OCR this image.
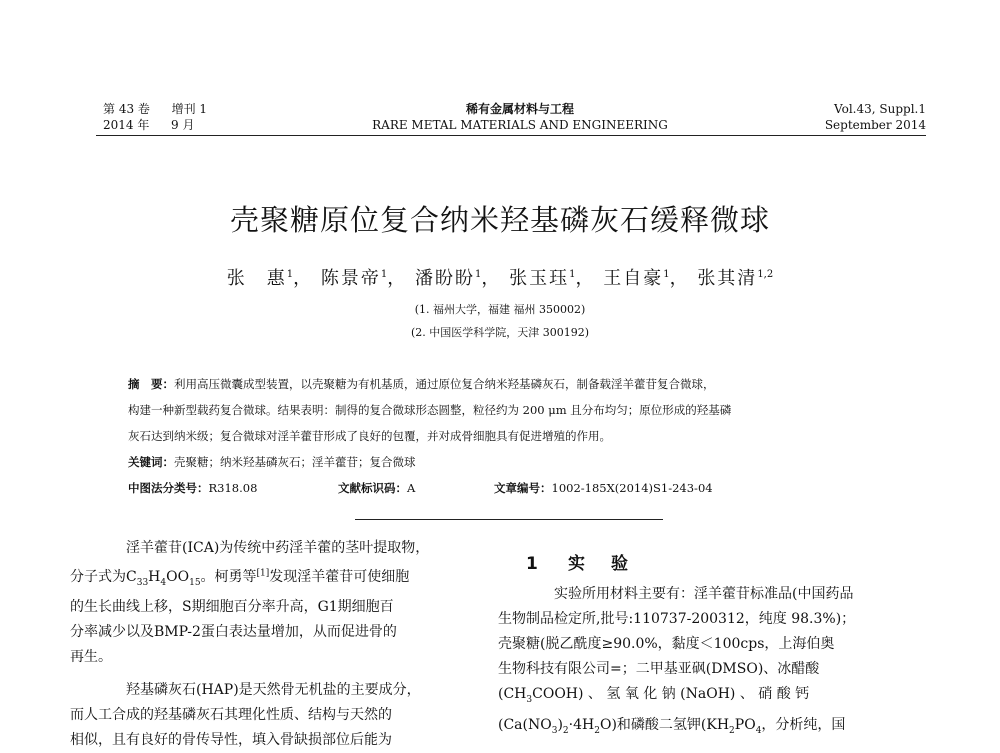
第 43 卷 增刊 1
2014 年 9 月
稀有金属材料与工程
RARE METAL MATERIALS AND ENGINEERING
Vol.43, Suppl.1
September 2014
壳聚糖原位复合纳米羟基磷灰石缓释微球
张　惠$^1$， 陈景帝$^1$， 潘盼盼$^1$， 张玉珏$^1$， 王自豪$^1$， 张其清$^{1,2}$
(1. 福州大学，福建 福州 350002)
(2. 中国医学科学院，天津 300192)
摘　要：利用高压微囊成型装置，以壳聚糖为有机基质，通过原位复合纳米羟基磷灰石，制备载淫羊藿苷复合微球，
构建一种新型载药复合微球。结果表明：制得的复合微球形态圆整，粒径约为 200 μm 且分布均匀；原位形成的羟基磷
灰石达到纳米级；复合微球对淫羊藿苷形成了良好的包覆，并对成骨细胞具有促进增殖的作用。
关键词：壳聚糖；纳米羟基磷灰石；淫羊藿苷；复合微球
中图法分类号：R318.08	文献标识码：A	文章编号：1002-185X(2014)S1-243-04

淫羊藿苷(ICA)为传统中药淫羊藿的茎叶提取物，
分子式为$C_{33}H_4OO_{15}$。柯勇等[1]发现淫羊藿苷可使细胞
的生长曲线上移，S期细胞百分率升高，G1期细胞百
分率减少以及BMP-2蛋白表达量增加，从而促进骨的
再生。

羟基磷灰石(HAP)是天然骨无机盐的主要成分，
而人工合成的羟基磷灰石其理化性质、结构与天然的
相似，且有良好的骨传导性，填入骨缺损部位后能为

1 实 验

实验所用材料主要有：淫羊藿苷标准品(中国药品
生物制品检定所,批号:110737-200312，纯度 98.3%)；
壳聚糖(脱乙酰度≥90.0%，黏度＜100cps，上海伯奥
生物科技有限公司=；二甲基亚砜(DMSO)、冰醋酸
$(CH_3COOH)$ 、 氢 氧 化 钠 (NaOH) 、 硝 酸 钙
$(Ca(NO_3)_2\cdot 4H_2O)$和磷酸二氢钾($KH_2PO_4$，分析纯，国
